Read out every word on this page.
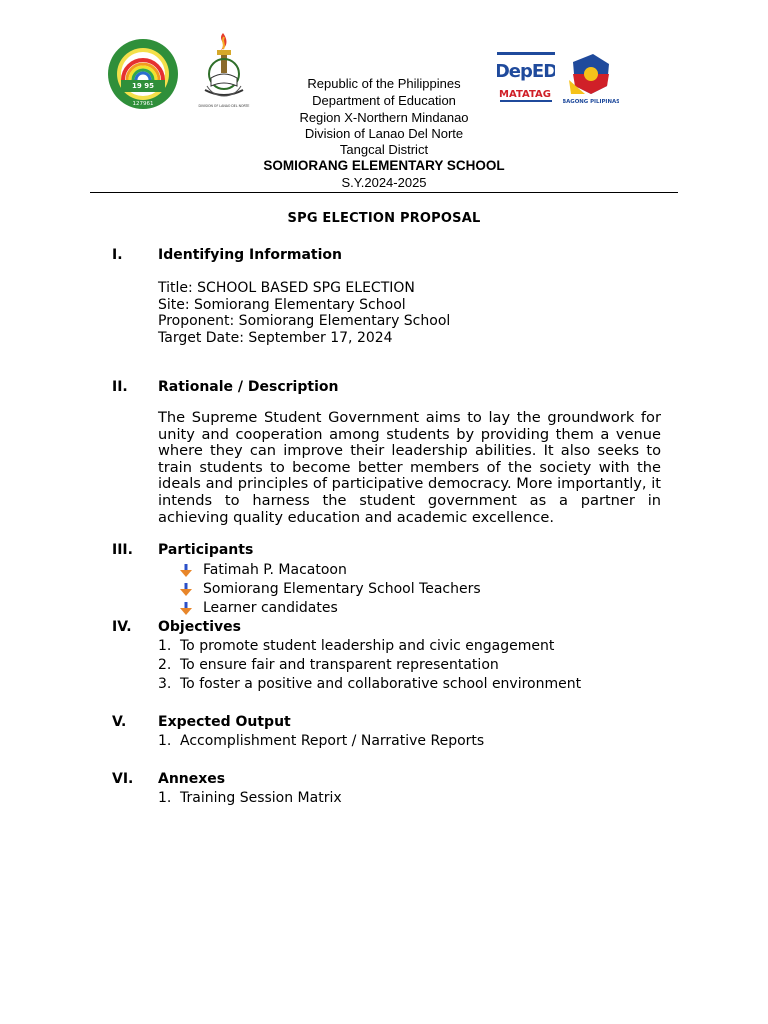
19 95
127961	DIVISION OF LANAO DEL NORTE
DepED
MATATAG
BAGONG PILIPINAS
Republic of the Philippines
Department of Education
Region X-Northern Mindanao
Division of Lanao Del Norte
Tangcal District
SOMIORANG ELEMENTARY SCHOOL
S.Y.2024-2025
SPG ELECTION PROPOSAL
I.	Identifying Information
Title: SCHOOL BASED SPG ELECTION
Site: Somiorang Elementary School
Proponent: Somiorang Elementary School
Target Date: September 17, 2024
II. Rationale / Description
The Supreme Student Government aims to lay the groundwork for unity and cooperation among students by providing them a venue where they can improve their leadership abilities. It also seeks to train students to become better members of the society with the ideals and principles of participative democracy. More importantly, it intends to harness the student government as a partner in achieving quality education and academic excellence.
III. Participants
Fatimah P. Macatoon
Somiorang Elementary School Teachers
Learner candidates
IV. Objectives
1. To promote student leadership and civic engagement
2. To ensure fair and transparent representation
3. To foster a positive and collaborative school environment
V. Expected Output
1. Accomplishment Report / Narrative Reports
VI. Annexes
1. Training Session Matrix
